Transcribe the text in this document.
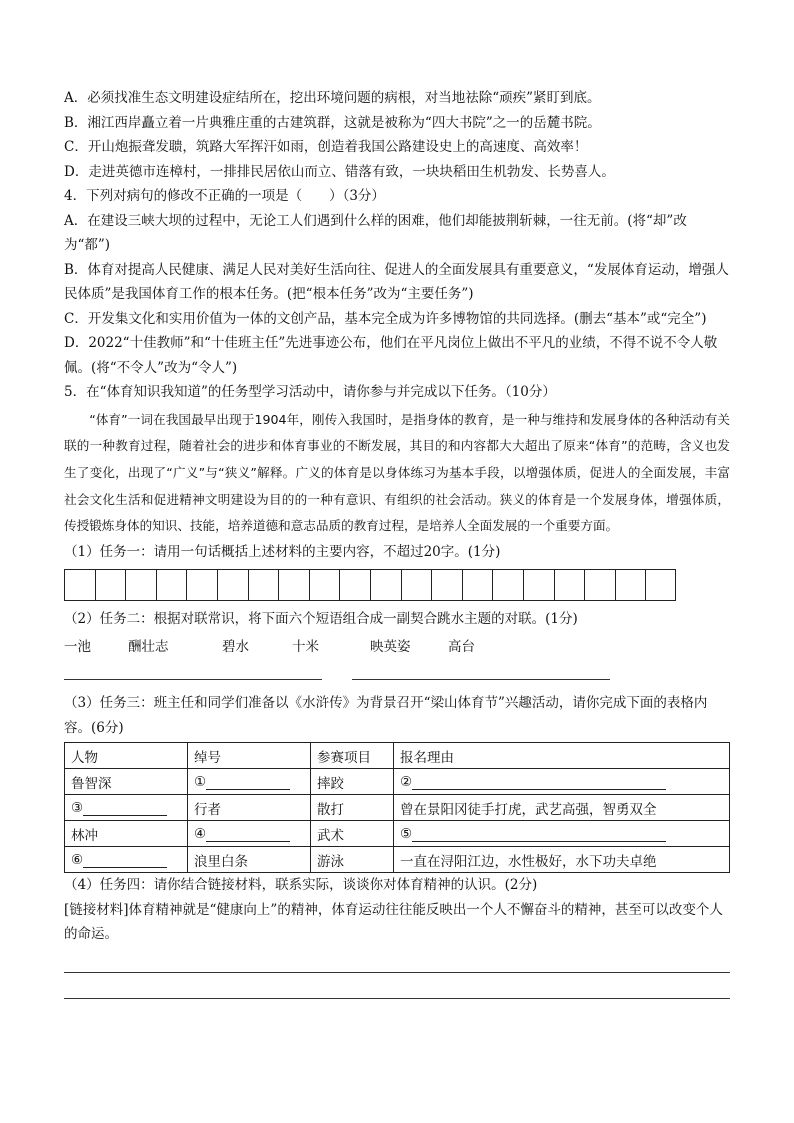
A．必须找准生态文明建设症结所在，挖出环境问题的病根，对当地祛除“顽疾”紧盯到底。
B．湘江西岸矗立着一片典雅庄重的古建筑群，这就是被称为“四大书院”之一的岳麓书院。
C．开山炮振聋发聩，筑路大军挥汗如雨，创造着我国公路建设史上的高速度、高效率！
D．走进英德市连樟村，一排排民居依山而立、错落有致，一块块稻田生机勃发、长势喜人。
4．下列对病句的修改不正确的一项是（　　）（3分）
A．在建设三峡大坝的过程中，无论工人们遇到什么样的困难，他们却能披荆斩棘，一往无前。(将“却”改为“都”)
B．体育对提高人民健康、满足人民对美好生活向往、促进人的全面发展具有重要意义，“发展体育运动，增强人民体质”是我国体育工作的根本任务。(把“根本任务”改为“主要任务”)
C．开发集文化和实用价值为一体的文创产品，基本完全成为许多博物馆的共同选择。(删去“基本”或“完全”)
D．2022“十佳教师”和“十佳班主任”先进事迹公布，他们在平凡岗位上做出不平凡的业绩，不得不说不令人敬佩。(将“不令人”改为“令人”)
5．在“体育知识我知道”的任务型学习活动中，请你参与并完成以下任务。（10分）

“体育”一词在我国最早出现于1904年，刚传入我国时，是指身体的教育，是一种与维持和发展身体的各种活动有关联的一种教育过程，随着社会的进步和体育事业的不断发展，其目的和内容都大大超出了原来“体育”的范畴，含义也发生了变化，出现了“广义”与“狭义”解释。广义的体育是以身体练习为基本手段，以增强体质，促进人的全面发展，丰富社会文化生活和促进精神文明建设为目的的一种有意识、有组织的社会活动。狭义的体育是一个发展身体，增强体质，传授锻炼身体的知识、技能，培养道德和意志品质的教育过程，是培养人全面发展的一个重要方面。

（1）任务一：请用一句话概括上述材料的主要内容，不超过20字。(1分)
（2）任务二：根据对联常识，将下面六个短语组合成一副契合跳水主题的对联。(1分)
一池	酬壮志	碧水	十米	映英姿	高台
（3）任务三：班主任和同学们准备以《水浒传》为背景召开“梁山体育节”兴趣活动，请你完成下面的表格内容。(6分)
人物	绰号	参赛项目	报名理由
鲁智深	①	摔跤	②
③	行者	散打	曾在景阳冈徒手打虎，武艺高强，智勇双全
林冲	④	武术	⑤
⑥	浪里白条	游泳	一直在浔阳江边，水性极好，水下功夫卓绝
（4）任务四：请你结合链接材料，联系实际，谈谈你对体育精神的认识。(2分)
[链接材料]体育精神就是“健康向上”的精神，体育运动往往能反映出一个人不懈奋斗的精神，甚至可以改变个人的命运。
